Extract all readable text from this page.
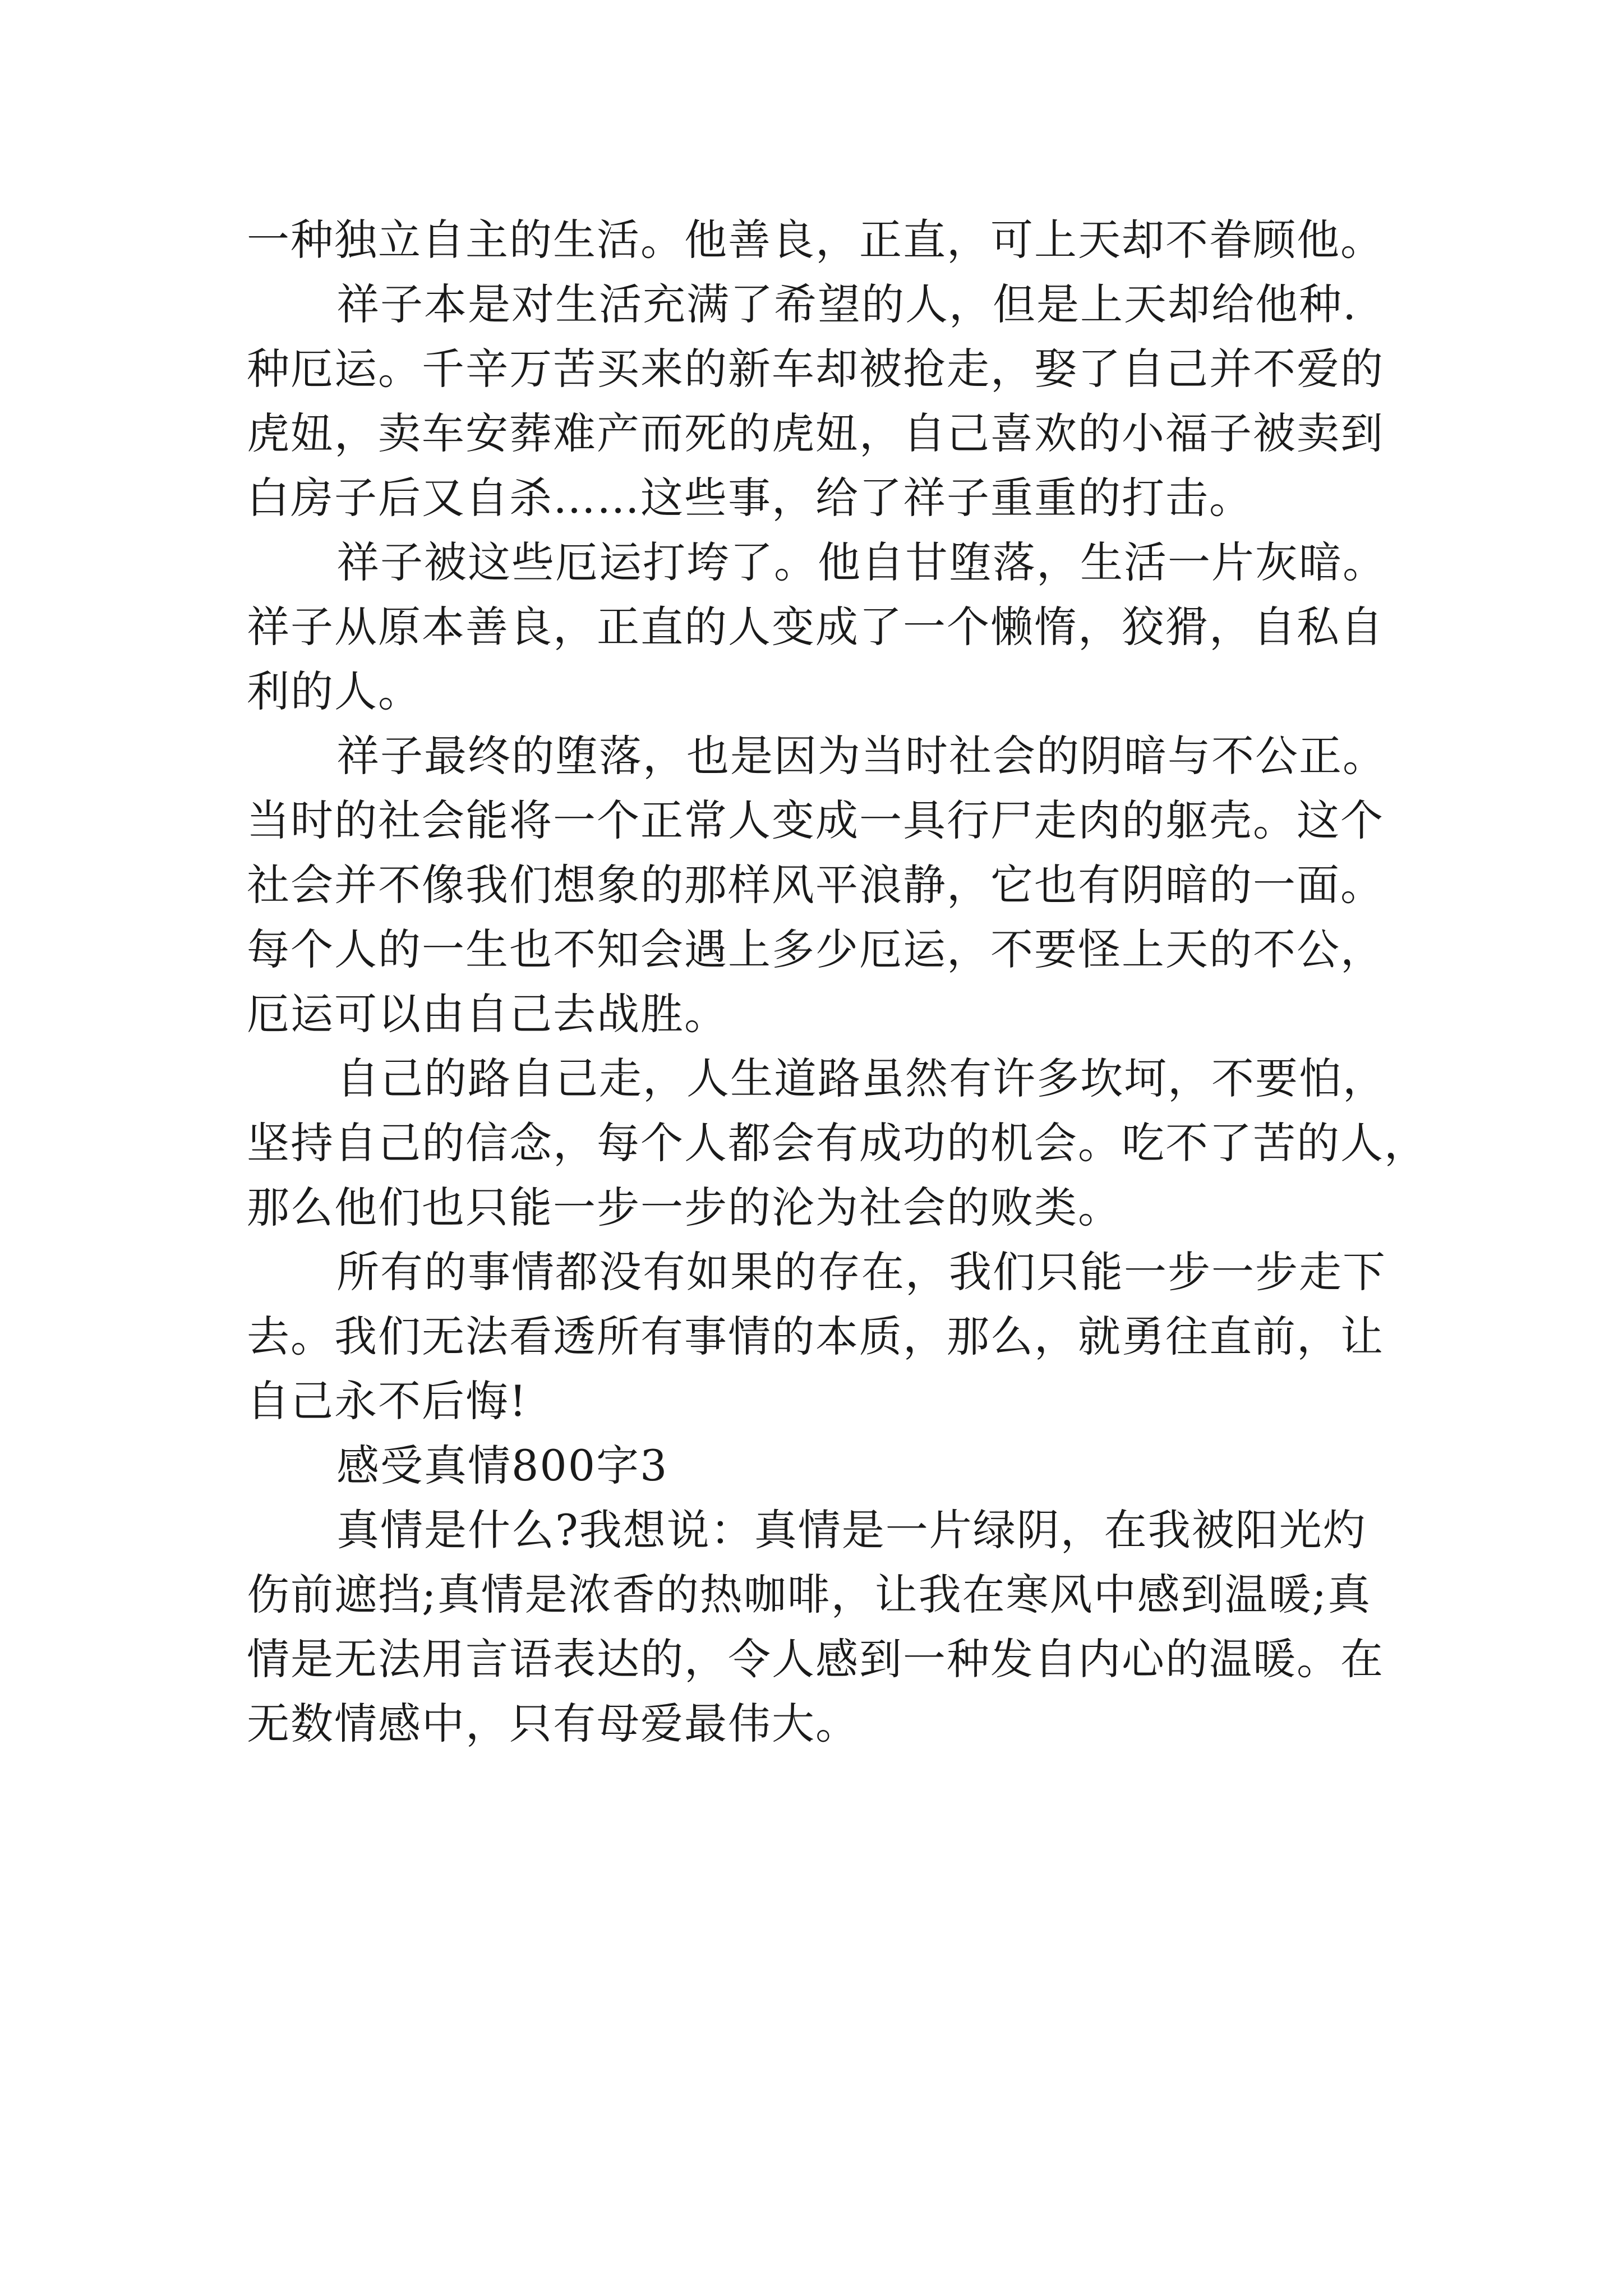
一种独立自主的生活。他善良，正直，可上天却不眷顾他。

祥子本是对生活充满了希望的人，但是上天却给他种.

种厄运。千辛万苦买来的新车却被抢走，娶了自己并不爱的

虎妞，卖车安葬难产而死的虎妞，自己喜欢的小福子被卖到

白房子后又自杀……这些事，给了祥子重重的打击。

祥子被这些厄运打垮了。他自甘堕落，生活一片灰暗。

祥子从原本善良，正直的人变成了一个懒惰，狡猾，自私自

利的人。

祥子最终的堕落，也是因为当时社会的阴暗与不公正。

当时的社会能将一个正常人变成一具行尸走肉的躯壳。这个

社会并不像我们想象的那样风平浪静，它也有阴暗的一面。

每个人的一生也不知会遇上多少厄运，不要怪上天的不公，

厄运可以由自己去战胜。

自己的路自己走，人生道路虽然有许多坎坷，不要怕，

坚持自己的信念，每个人都会有成功的机会。吃不了苦的人，

那么他们也只能一步一步的沦为社会的败类。

所有的事情都没有如果的存在，我们只能一步一步走下

去。我们无法看透所有事情的本质，那么，就勇往直前，让

自己永不后悔!

感受真情800字3

真情是什么?我想说：真情是一片绿阴，在我被阳光灼

伤前遮挡;真情是浓香的热咖啡，让我在寒风中感到温暖;真

情是无法用言语表达的，令人感到一种发自内心的温暖。在

无数情感中，只有母爱最伟大。
